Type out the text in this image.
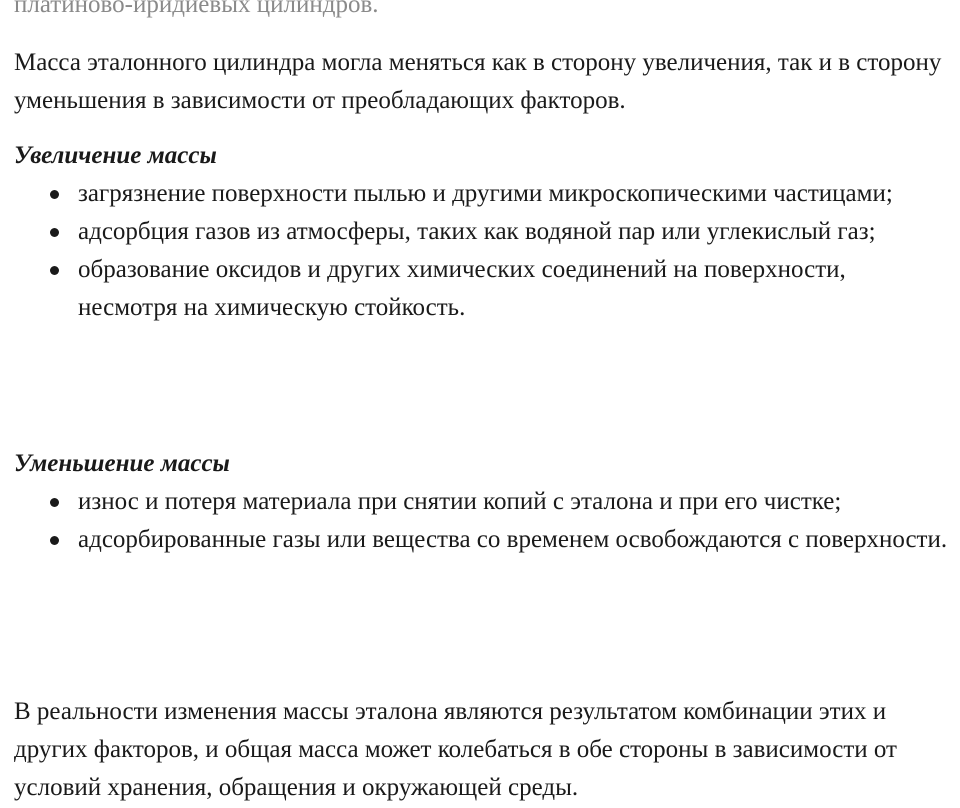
платиново-иридиевых цилиндров.

Масса эталонного цилиндра могла меняться как в сторону увеличения, так и в сторону уменьшения в зависимости от преобладающих факторов.

Увеличение массы

загрязнение поверхности пылью и другими микроскопическими частицами;
адсорбция газов из атмосферы, таких как водяной пар или углекислый газ;
образование оксидов и других химических соединений на поверхности, несмотря на химическую стойкость.

Уменьшение массы

износ и потеря материала при снятии копий с эталона и при его чистке;
адсорбированные газы или вещества со временем освобождаются с поверхности.

В реальности изменения массы эталона являются результатом комбинации этих и других факторов, и общая масса может колебаться в обе стороны в зависимости от условий хранения, обращения и окружающей среды.
